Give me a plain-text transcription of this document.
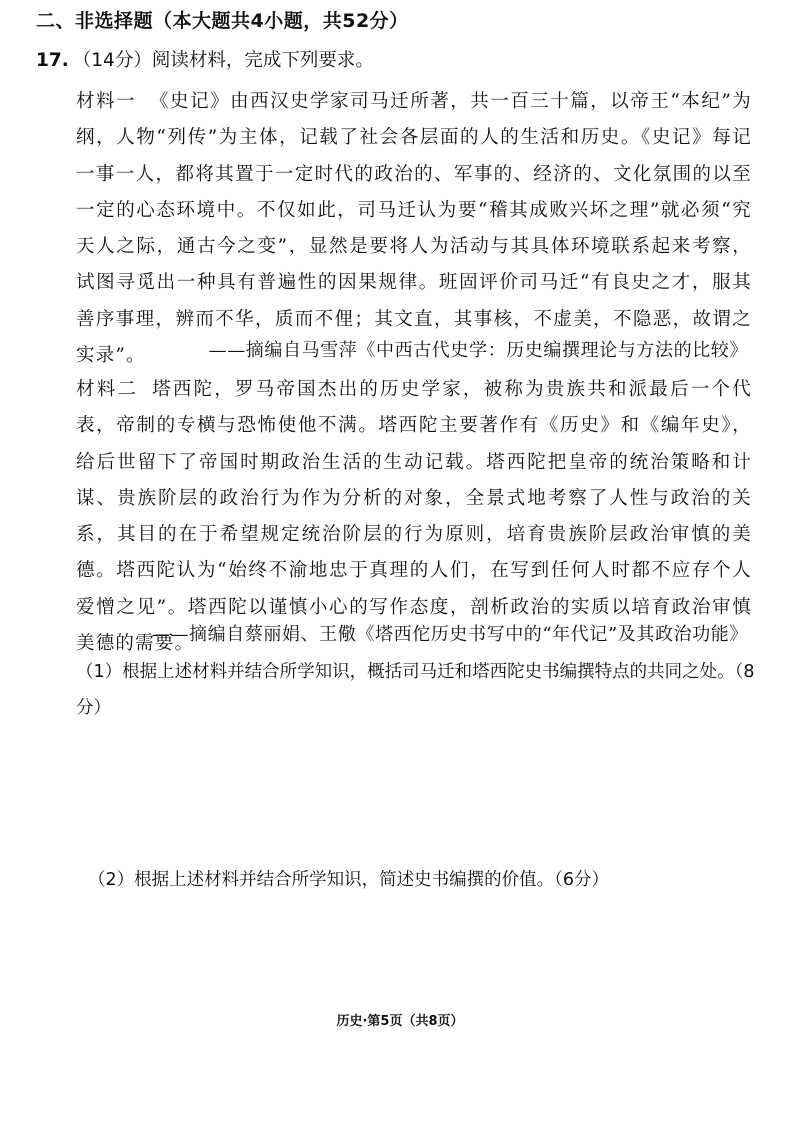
二、非选择题（本大题共4小题，共52分）
17. （14分）阅读材料，完成下列要求。
材料一 《史记》由西汉史学家司马迁所著，共一百三十篇，以帝王“本纪”为纲，人物“列传”为主体，记载了社会各层面的人的生活和历史。《史记》每记一事一人，都将其置于一定时代的政治的、军事的、经济的、文化氛围的以至一定的心态环境中。不仅如此，司马迁认为要“稽其成败兴坏之理”就必须“究天人之际，通古今之变”，显然是要将人为活动与其具体环境联系起来考察，试图寻觅出一种具有普遍性的因果规律。班固评价司马迁“有良史之才，服其善序事理，辨而不华，质而不俚；其文直，其事核，不虚美，不隐恶，故谓之实录”。	——摘编自马雪萍《中西古代史学：历史编撰理论与方法的比较》
材料二 塔西陀，罗马帝国杰出的历史学家，被称为贵族共和派最后一个代表，帝制的专横与恐怖使他不满。塔西陀主要著作有《历史》和《编年史》，给后世留下了帝国时期政治生活的生动记载。塔西陀把皇帝的统治策略和计谋、贵族阶层的政治行为作为分析的对象，全景式地考察了人性与政治的关系，其目的在于希望规定统治阶层的行为原则，培育贵族阶层政治审慎的美德。塔西陀认为“始终不渝地忠于真理的人们，在写到任何人时都不应存个人爱憎之见”。塔西陀以谨慎小心的写作态度，剖析政治的实质以培育政治审慎美德的需要。
——摘编自蔡丽娟、王儆《塔西佗历史书写中的“年代记”及其政治功能》
（1）根据上述材料并结合所学知识，概括司马迁和塔西陀史书编撰特点的共同之处。（8分）
（2）根据上述材料并结合所学知识，简述史书编撰的价值。（6分）
历史·第5页（共8页）
